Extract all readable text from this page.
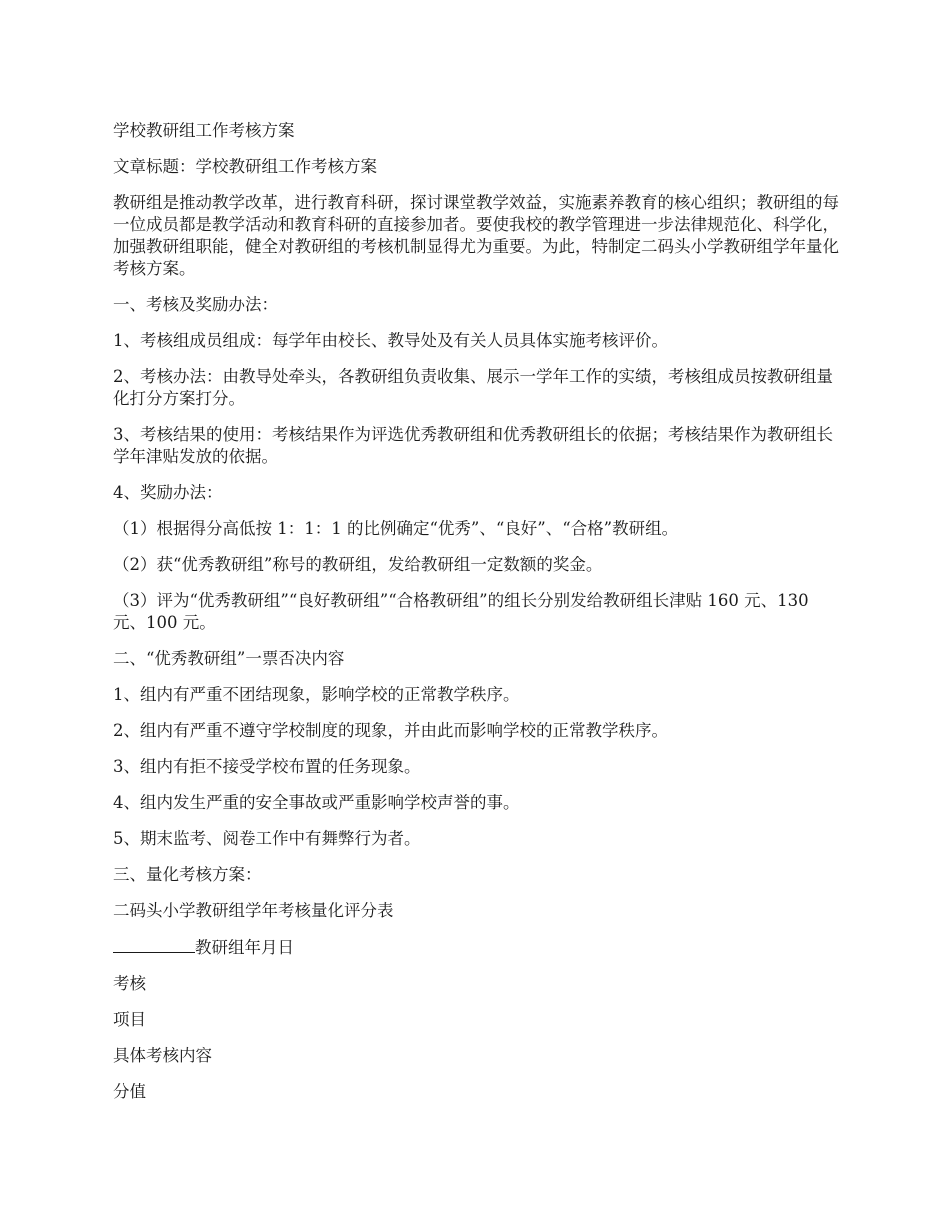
学校教研组工作考核方案

文章标题：学校教研组工作考核方案

教研组是推动教学改革，进行教育科研，探讨课堂教学效益，实施素养教育的核心组织；教研组的每一位成员都是教学活动和教育科研的直接参加者。要使我校的教学管理进一步法律规范化、科学化，加强教研组职能，健全对教研组的考核机制显得尤为重要。为此，特制定二码头小学教研组学年量化考核方案。

一、考核及奖励办法：

1、考核组成员组成：每学年由校长、教导处及有关人员具体实施考核评价。

2、考核办法：由教导处牵头，各教研组负责收集、展示一学年工作的实绩，考核组成员按教研组量化打分方案打分。

3、考核结果的使用：考核结果作为评选优秀教研组和优秀教研组长的依据；考核结果作为教研组长学年津贴发放的依据。

4、奖励办法：

（1）根据得分高低按 1：1：1 的比例确定“优秀”、“良好”、“合格”教研组。

（2）获“优秀教研组”称号的教研组，发给教研组一定数额的奖金。

（3）评为“优秀教研组”“良好教研组”“合格教研组”的组长分别发给教研组长津贴 160 元、130 元、100 元。

二、“优秀教研组”一票否决内容

1、组内有严重不团结现象，影响学校的正常教学秩序。

2、组内有严重不遵守学校制度的现象，并由此而影响学校的正常教学秩序。

3、组内有拒不接受学校布置的任务现象。

4、组内发生严重的安全事故或严重影响学校声誉的事。

5、期末监考、阅卷工作中有舞弊行为者。

三、量化考核方案：

二码头小学教研组学年考核量化评分表

教研组年月日

考核

项目

具体考核内容

分值
